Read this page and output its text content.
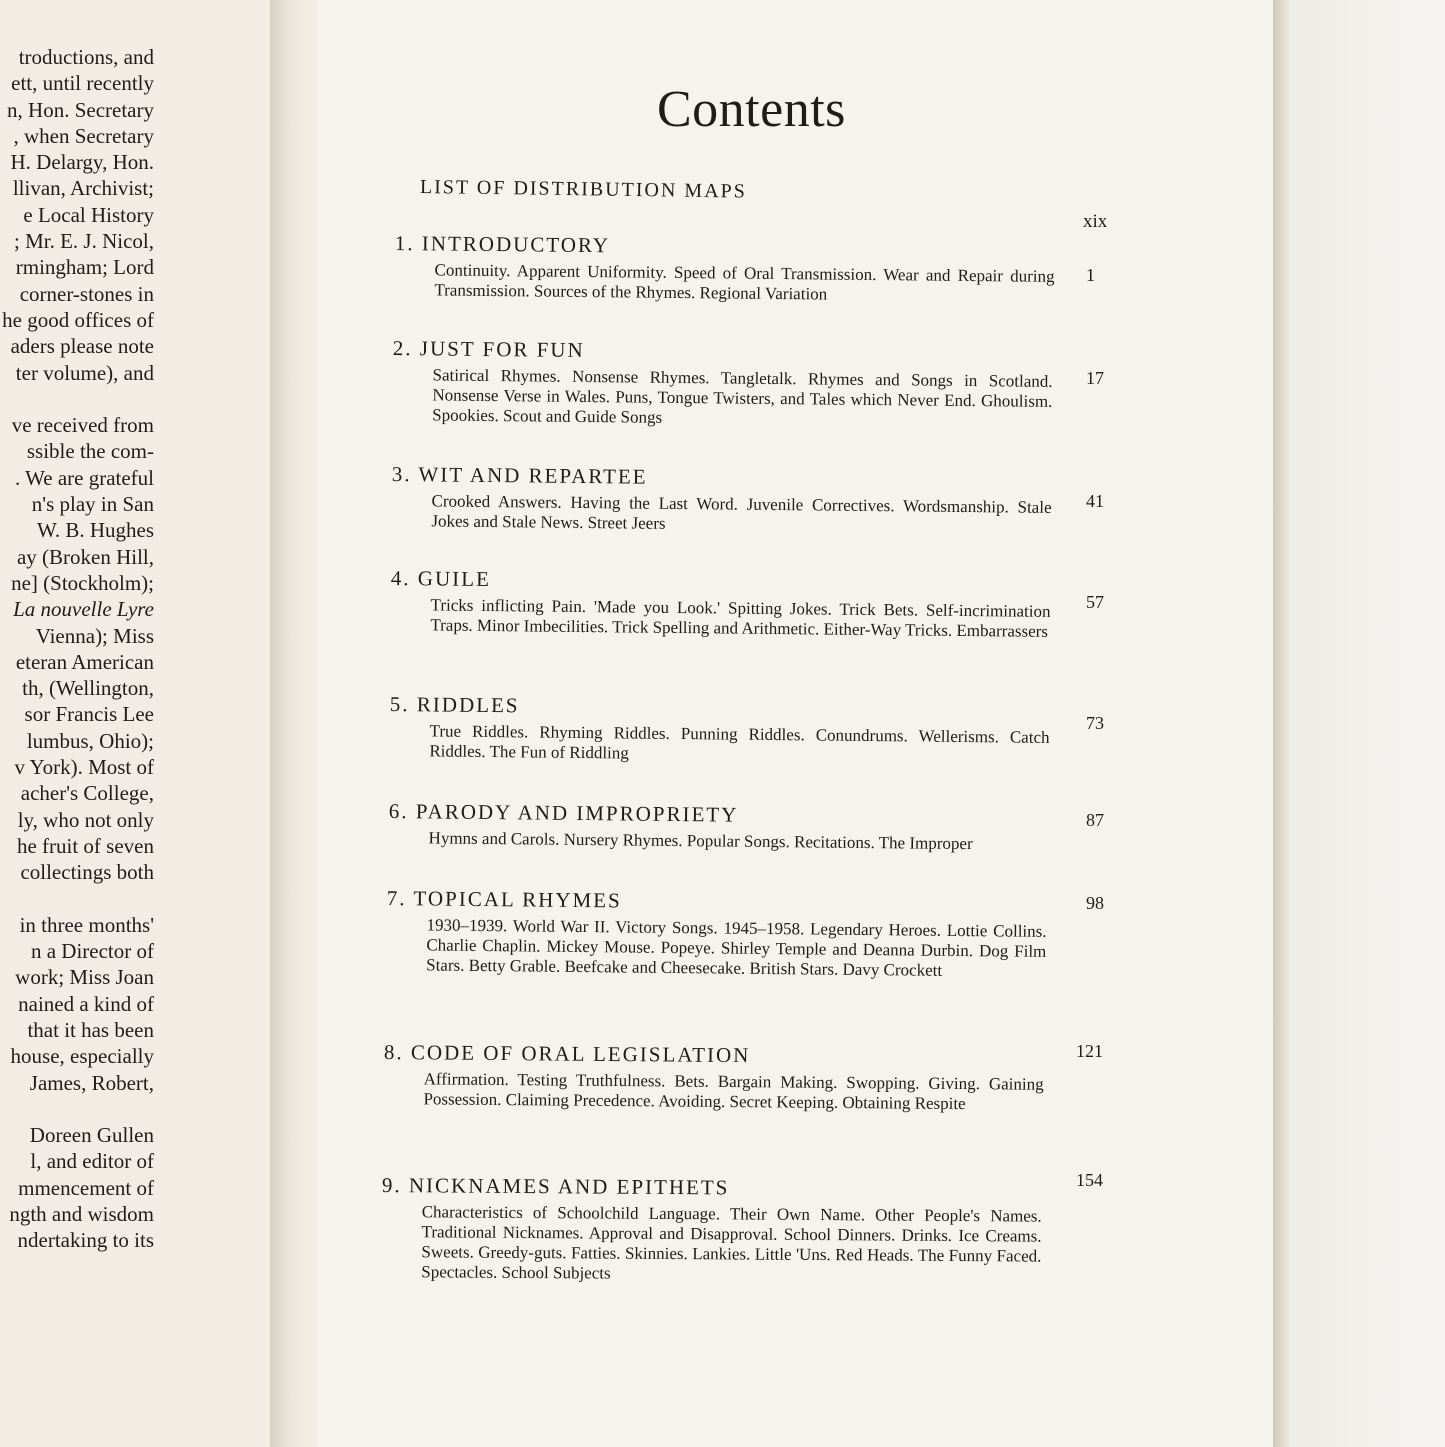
troductions, and
ett, until recently
n, Hon. Secretary
, when Secretary
H. Delargy, Hon.
llivan, Archivist;
e Local History
; Mr. E. J. Nicol,
rmingham; Lord
corner-stones in
he good offices of
aders please note
ter volume), and

ve received from
ssible the com-
. We are grateful
n's play in San
W. B. Hughes
ay (Broken Hill,
ne] (Stockholm);
La nouvelle Lyre
Vienna); Miss
eteran American
th, (Wellington,
sor Francis Lee
lumbus, Ohio);
v York). Most of
acher's College,
ly, who not only
he fruit of seven
collectings both

in three months'
n a Director of
work; Miss Joan
nained a kind of
that it has been
house, especially
James, Robert,

Doreen Gullen
l, and editor of
mmencement of
ngth and wisdom
ndertaking to its
Contents
LIST OF DISTRIBUTION MAPS
xix
1. INTRODUCTORY
Continuity. Apparent Uniformity. Speed of Oral Transmission. Wear and Repair during Transmission. Sources of the Rhymes. Regional Variation
1
2. JUST FOR FUN
Satirical Rhymes. Nonsense Rhymes. Tangletalk. Rhymes and Songs in Scotland. Nonsense Verse in Wales. Puns, Tongue Twisters, and Tales which Never End. Ghoulism. Spookies. Scout and Guide Songs
17
3. WIT AND REPARTEE
Crooked Answers. Having the Last Word. Juvenile Correctives. Wordsmanship. Stale Jokes and Stale News. Street Jeers
41
4. GUILE
Tricks inflicting Pain. 'Made you Look.' Spitting Jokes. Trick Bets. Self-incrimination Traps. Minor Imbecilities. Trick Spelling and Arithmetic. Either-Way Tricks. Embarrassers
57
5. RIDDLES
True Riddles. Rhyming Riddles. Punning Riddles. Conundrums. Wellerisms. Catch Riddles. The Fun of Riddling
73
6. PARODY AND IMPROPRIETY
Hymns and Carols. Nursery Rhymes. Popular Songs. Recitations. The Improper
87
7. TOPICAL RHYMES
1930–1939. World War II. Victory Songs. 1945–1958. Legendary Heroes. Lottie Collins. Charlie Chaplin. Mickey Mouse. Popeye. Shirley Temple and Deanna Durbin. Dog Film Stars. Betty Grable. Beefcake and Cheesecake. British Stars. Davy Crockett
98
8. CODE OF ORAL LEGISLATION
Affirmation. Testing Truthfulness. Bets. Bargain Making. Swopping. Giving. Gaining Possession. Claiming Precedence. Avoiding. Secret Keeping. Obtaining Respite
121
9. NICKNAMES AND EPITHETS
Characteristics of Schoolchild Language. Their Own Name. Other People's Names. Traditional Nicknames. Approval and Disapproval. School Dinners. Drinks. Ice Creams. Sweets. Greedy-guts. Fatties. Skinnies. Lankies. Little 'Uns. Red Heads. The Funny Faced. Spectacles. School Subjects
154
